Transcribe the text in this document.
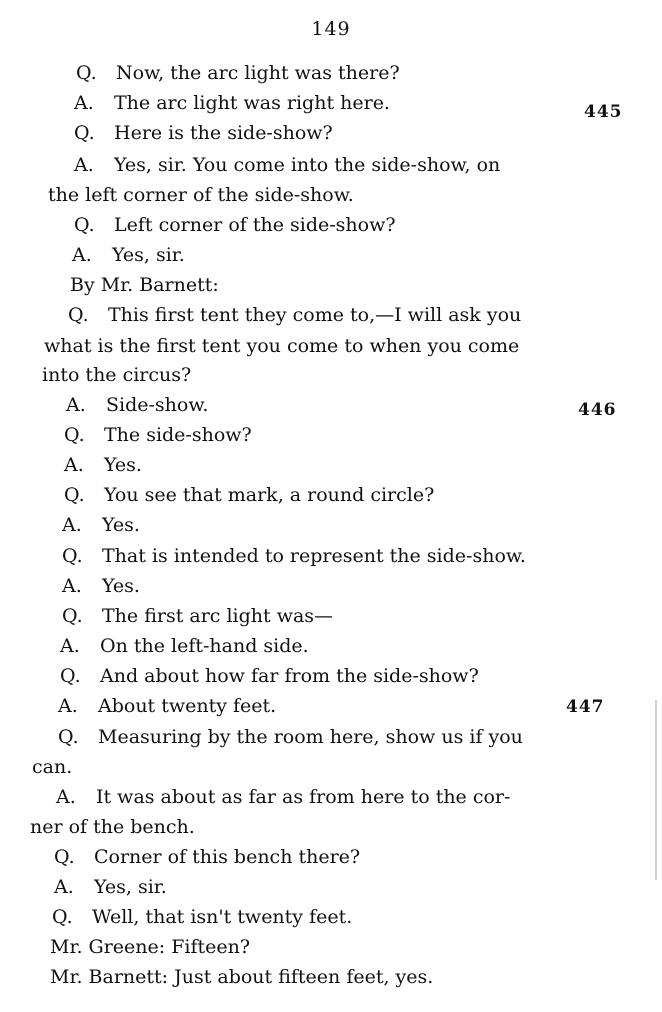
149
Q. Now, the arc light was there?
A. The arc light was right here.
Q. Here is the side-show?
A. Yes, sir. You come into the side-show, on
the left corner of the side-show.
Q. Left corner of the side-show?
A. Yes, sir.
By Mr. Barnett:
Q. This first tent they come to,—I will ask you
what is the first tent you come to when you come
into the circus?
A. Side-show.
Q. The side-show?
A. Yes.
Q. You see that mark, a round circle?
A. Yes.
Q. That is intended to represent the side-show.
A. Yes.
Q. The first arc light was—
A. On the left-hand side.
Q. And about how far from the side-show?
A. About twenty feet.
Q. Measuring by the room here, show us if you
can.
A. It was about as far as from here to the cor-
ner of the bench.
Q. Corner of this bench there?
A. Yes, sir.
Q. Well, that isn't twenty feet.
Mr. Greene: Fifteen?
Mr. Barnett: Just about fifteen feet, yes.
445
446
447
